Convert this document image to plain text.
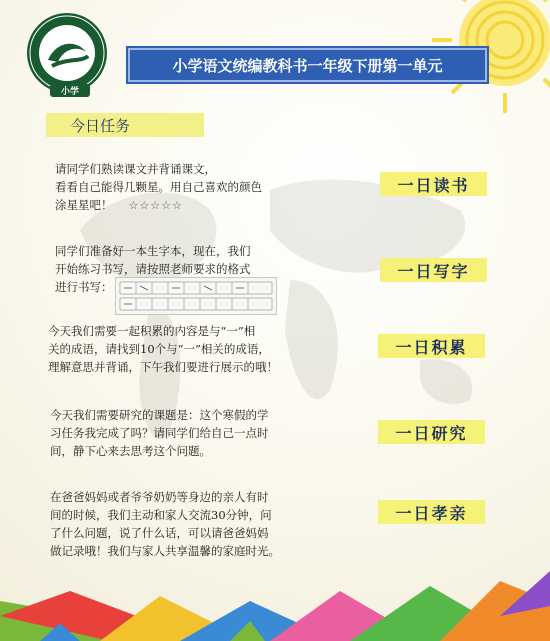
小学
小学语文统编教科书一年级下册第一单元
今日任务
请同学们熟读课文并背诵课文，
看看自己能得几颗星。用自己喜欢的颜色
涂星星吧！ ☆☆☆☆☆
一日读书
同学们准备好一本生字本，现在，我们
开始练习书写，请按照老师要求的格式
进行书写：
一日写字
今天我们需要一起积累的内容是与“一”相
关的成语，请找到10个与“一”相关的成语，
理解意思并背诵，下午我们要进行展示的哦！
一日积累
今天我们需要研究的课题是：这个寒假的学
习任务我完成了吗？请同学们给自己一点时
间，静下心来去思考这个问题。
一日研究
在爸爸妈妈或者爷爷奶奶等身边的亲人有时
间的时候，我们主动和家人交流30分钟，问
了什么问题，说了什么话，可以请爸爸妈妈
做记录哦！我们与家人共享温馨的家庭时光。
一日孝亲
